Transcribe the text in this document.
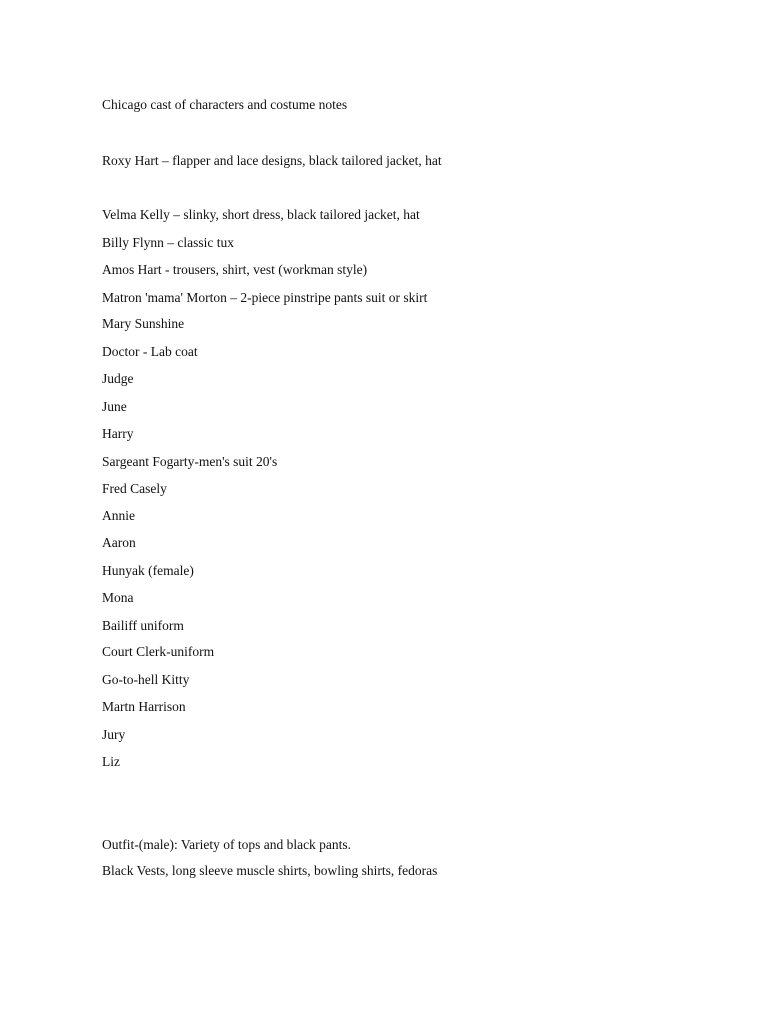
Chicago cast of characters and costume notes
Roxy Hart – flapper and lace designs, black tailored jacket, hat
Velma Kelly – slinky, short dress, black tailored jacket, hat
Billy Flynn – classic tux
Amos Hart - trousers, shirt, vest (workman style)
Matron 'mama' Morton – 2-piece pinstripe pants suit or skirt
Mary Sunshine
Doctor - Lab coat
Judge
June
Harry
Sargeant Fogarty-men's suit 20's
Fred Casely
Annie
Aaron
Hunyak (female)
Mona
Bailiff uniform
Court Clerk-uniform
Go-to-hell Kitty
Martn Harrison
Jury
Liz
Outfit-(male): Variety of tops and black pants.
Black Vests, long sleeve muscle shirts, bowling shirts, fedoras
